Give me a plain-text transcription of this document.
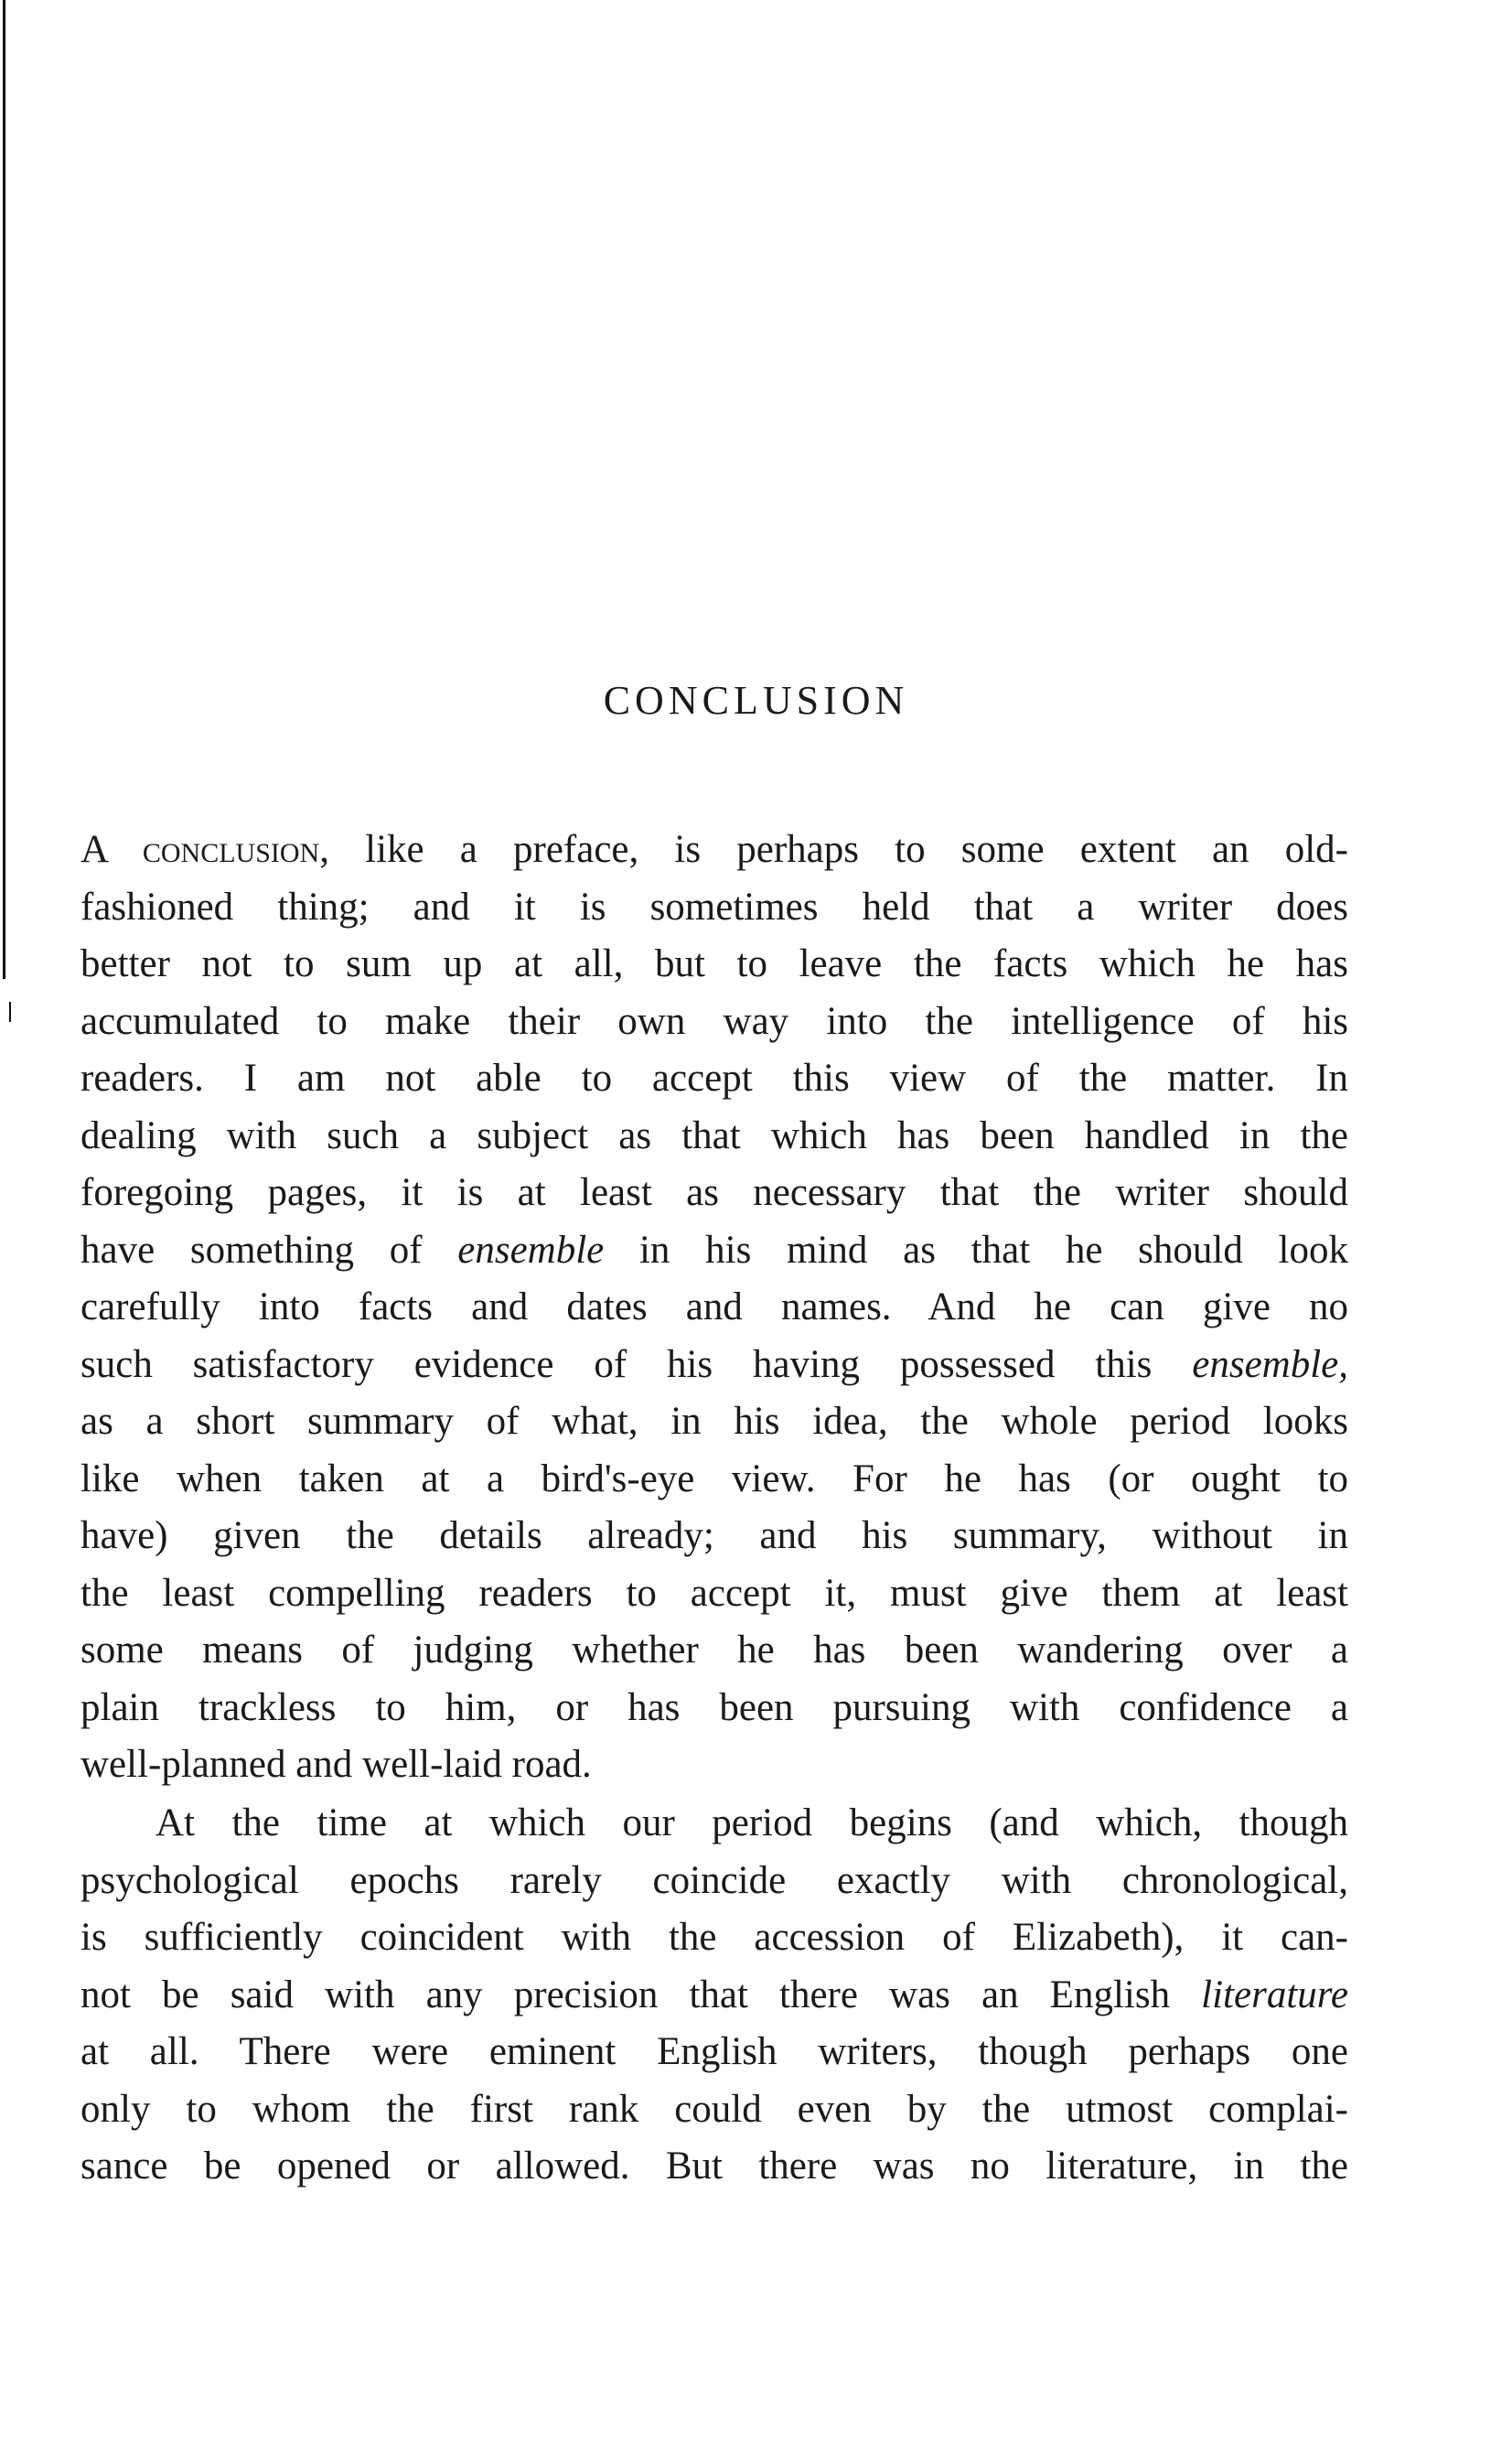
CONCLUSION
A conclusion, like a preface, is perhaps to some extent an old-
fashioned thing; and it is sometimes held that a writer does
better not to sum up at all, but to leave the facts which he has
accumulated to make their own way into the intelligence of his
readers. I am not able to accept this view of the matter. In
dealing with such a subject as that which has been handled in the
foregoing pages, it is at least as necessary that the writer should
have something of ensemble in his mind as that he should look
carefully into facts and dates and names. And he can give no
such satisfactory evidence of his having possessed this ensemble,
as a short summary of what, in his idea, the whole period looks
like when taken at a bird's-eye view. For he has (or ought to
have) given the details already; and his summary, without in
the least compelling readers to accept it, must give them at least
some means of judging whether he has been wandering over a
plain trackless to him, or has been pursuing with confidence a
well-planned and well-laid road.
At the time at which our period begins (and which, though
psychological epochs rarely coincide exactly with chronological,
is sufficiently coincident with the accession of Elizabeth), it can-
not be said with any precision that there was an English literature
at all. There were eminent English writers, though perhaps one
only to whom the first rank could even by the utmost complai-
sance be opened or allowed. But there was no literature, in the
